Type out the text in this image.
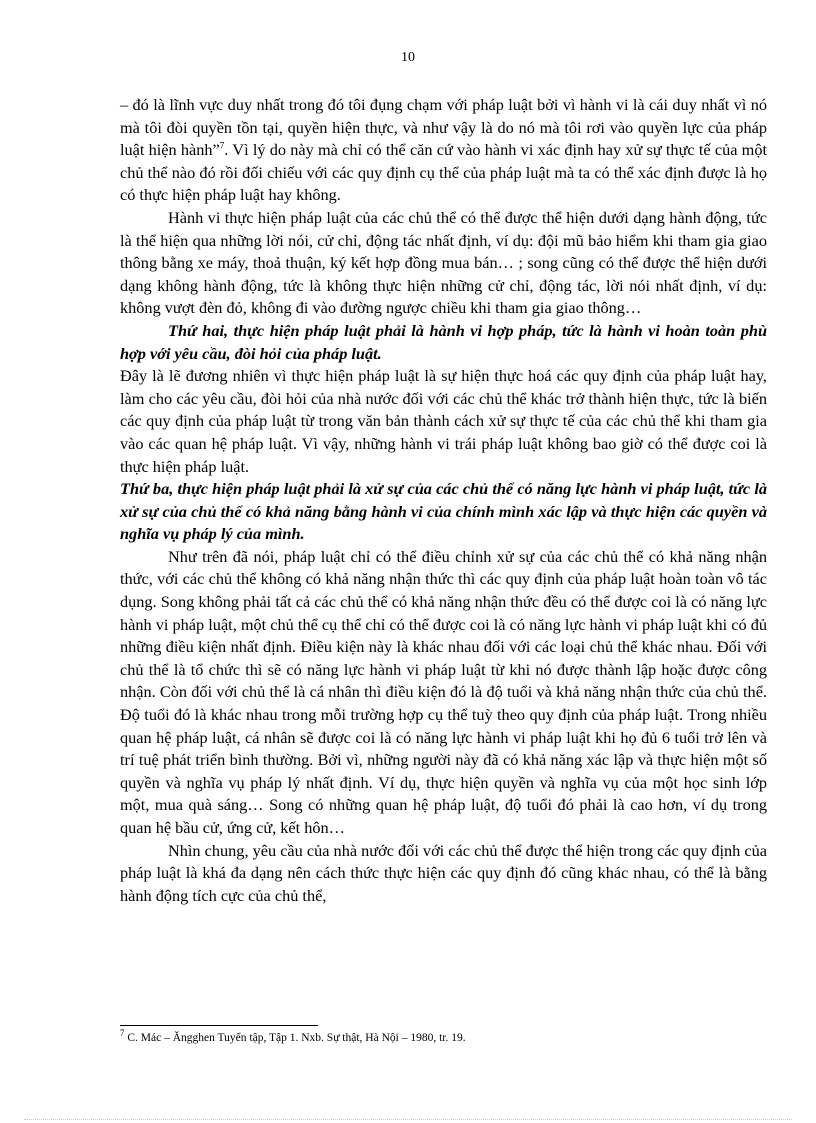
10

– đó là lĩnh vực duy nhất trong đó tôi đụng chạm với pháp luật bởi vì hành vi là cái duy nhất vì nó mà tôi đòi quyền tồn tại, quyền hiện thực, và như vậy là do nó mà tôi rơi vào quyền lực của pháp luật hiện hành”$^7$. Vì lý do này mà chỉ có thể căn cứ vào hành vi xác định hay xử sự thực tế của một chủ thể nào đó rồi đối chiếu với các quy định cụ thể của pháp luật mà ta có thể xác định được là họ có thực hiện pháp luật hay không.

Hành vi thực hiện pháp luật của các chủ thể có thể được thể hiện dưới dạng hành động, tức là thể hiện qua những lời nói, cử chỉ, động tác nhất định, ví dụ: đội mũ bảo hiểm khi tham gia giao thông bằng xe máy, thoả thuận, ký kết hợp đồng mua bán… ; song cũng có thể được thể hiện dưới dạng không hành động, tức là không thực hiện những cử chỉ, động tác, lời nói nhất định, ví dụ: không vượt đèn đỏ, không đi vào đường ngược chiều khi tham gia giao thông…

Thứ hai, thực hiện pháp luật phải là hành vi hợp pháp, tức là hành vi hoàn toàn phù hợp với yêu cầu, đòi hỏi của pháp luật.

Đây là lẽ đương nhiên vì thực hiện pháp luật là sự hiện thực hoá các quy định của pháp luật hay, làm cho các yêu cầu, đòi hỏi của nhà nước đối với các chủ thể khác trở thành hiện thực, tức là biến các quy định của pháp luật từ trong văn bản thành cách xử sự thực tế của các chủ thể khi tham gia vào các quan hệ pháp luật. Vì vậy, những hành vi trái pháp luật không bao giờ có thể được coi là thực hiện pháp luật.

Thứ ba, thực hiện pháp luật phải là xử sự của các chủ thể có năng lực hành vi pháp luật, tức là xử sự của chủ thể có khả năng bằng hành vi của chính mình xác lập và thực hiện các quyền và nghĩa vụ pháp lý của mình.

Như trên đã nói, pháp luật chỉ có thể điều chỉnh xử sự của các chủ thể có khả năng nhận thức, với các chủ thể không có khả năng nhận thức thì các quy định của pháp luật hoàn toàn vô tác dụng. Song không phải tất cả các chủ thể có khả năng nhận thức đều có thể được coi là có năng lực hành vi pháp luật, một chủ thể cụ thể chỉ có thể được coi là có năng lực hành vi pháp luật khi có đủ những điều kiện nhất định. Điều kiện này là khác nhau đối với các loại chủ thể khác nhau. Đối với chủ thể là tổ chức thì sẽ có năng lực hành vi pháp luật từ khi nó được thành lập hoặc được công nhận. Còn đối với chủ thể là cá nhân thì điều kiện đó là độ tuổi và khả năng nhận thức của chủ thể. Độ tuổi đó là khác nhau trong mỗi trường hợp cụ thể tuỳ theo quy định của pháp luật. Trong nhiều quan hệ pháp luật, cá nhân sẽ được coi là có năng lực hành vi pháp luật khi họ đủ 6 tuổi trở lên và trí tuệ phát triển bình thường. Bởi vì, những người này đã có khả năng xác lập và thực hiện một số quyền và nghĩa vụ pháp lý nhất định. Ví dụ, thực hiện quyền và nghĩa vụ của một học sinh lớp một, mua quà sáng… Song có những quan hệ pháp luật, độ tuổi đó phải là cao hơn, ví dụ trong quan hệ bầu cử, ứng cử, kết hôn…

Nhìn chung, yêu cầu của nhà nước đối với các chủ thể được thể hiện trong các quy định của pháp luật là khá đa dạng nên cách thức thực hiện các quy định đó cũng khác nhau, có thể là bằng hành động tích cực của chủ thể,

$^7$ C. Mác – Ăngghen Tuyển tập, Tập 1. Nxb. Sự thật, Hà Nội – 1980, tr. 19.
